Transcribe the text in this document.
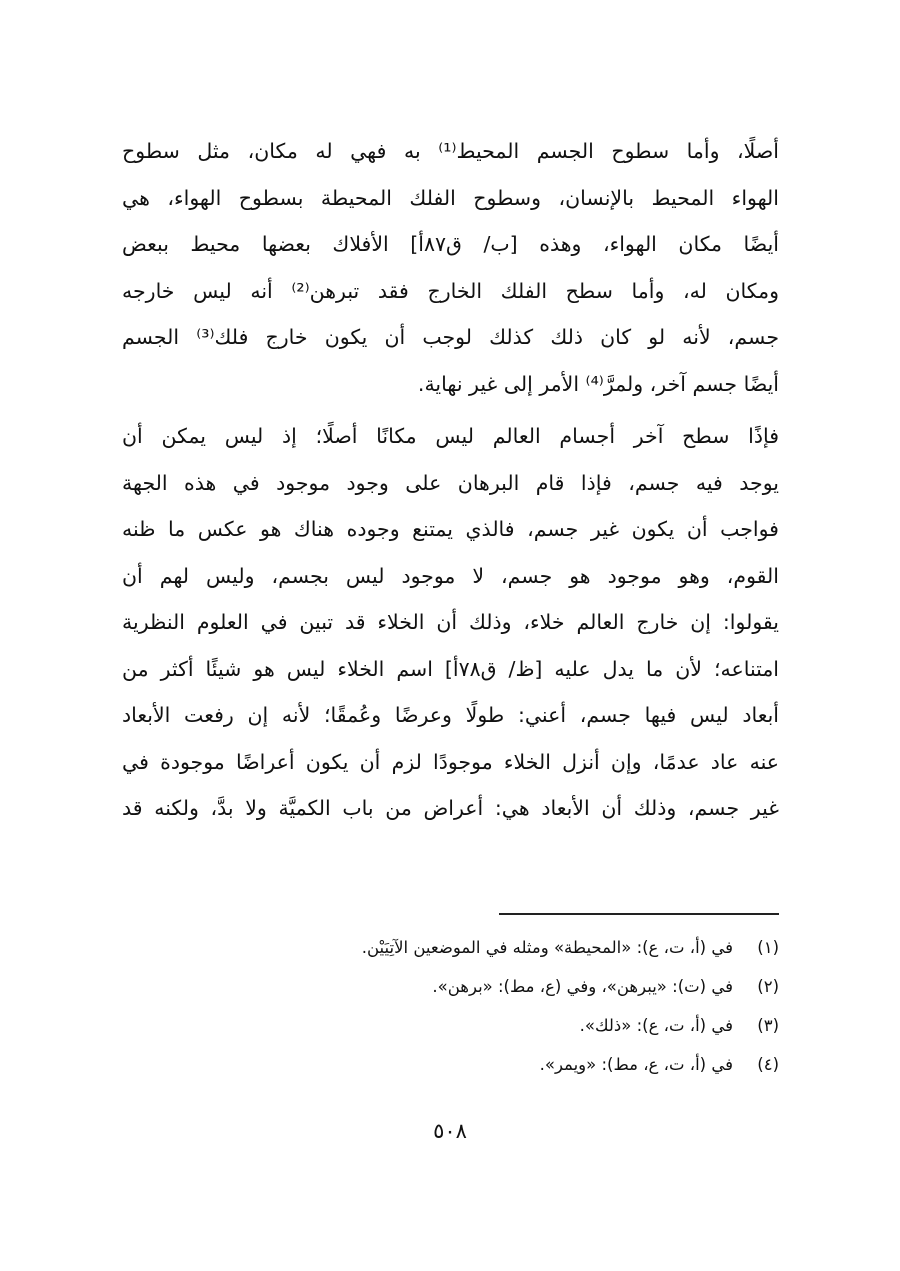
أصلًا، وأما سطوح الجسم المحيط⁽¹⁾ به فهي له مكان، مثل سطوح
الهواء المحيط بالإنسان، وسطوح الفلك المحيطة بسطوح الهواء، هي
أيضًا مكان الهواء، وهذه [ب/ ق٨٧أ] الأفلاك بعضها محيط ببعض
ومكان له، وأما سطح الفلك الخارج فقد تبرهن⁽²⁾ أنه ليس خارجه
جسم، لأنه لو كان ذلك كذلك لوجب أن يكون خارج فلك⁽³⁾ الجسم
أيضًا جسم آخر، ولمرَّ⁽⁴⁾ الأمر إلى غير نهاية.
فإذًا سطح آخر أجسام العالم ليس مكانًا أصلًا؛ إذ ليس يمكن أن
يوجد فيه جسم، فإذا قام البرهان على وجود موجود في هذه الجهة
فواجب أن يكون غير جسم، فالذي يمتنع وجوده هناك هو عكس ما ظنه
القوم، وهو موجود هو جسم، لا موجود ليس بجسم، وليس لهم أن
يقولوا: إن خارج العالم خلاء، وذلك أن الخلاء قد تبين في العلوم النظرية
امتناعه؛ لأن ما يدل عليه [ظ/ ق٧٨أ] اسم الخلاء ليس هو شيئًا أكثر من
أبعاد ليس فيها جسم، أعني: طولًا وعرضًا وعُمقًا؛ لأنه إن رفعت الأبعاد
عنه عاد عدمًا، وإن أنزل الخلاء موجودًا لزم أن يكون أعراضًا موجودة في
غير جسم، وذلك أن الأبعاد هي: أعراض من باب الكميَّة ولا بدَّ، ولكنه قد
(١)في (أ، ت، ع): «المحيطة» ومثله في الموضعين الآتِيَيْن.
(٢)في (ت): «يبرهن»، وفي (ع، مط): «برهن».
(٣)في (أ، ت، ع): «ذلك».
(٤)في (أ، ت، ع، مط): «ويمر».
٥٠٨
